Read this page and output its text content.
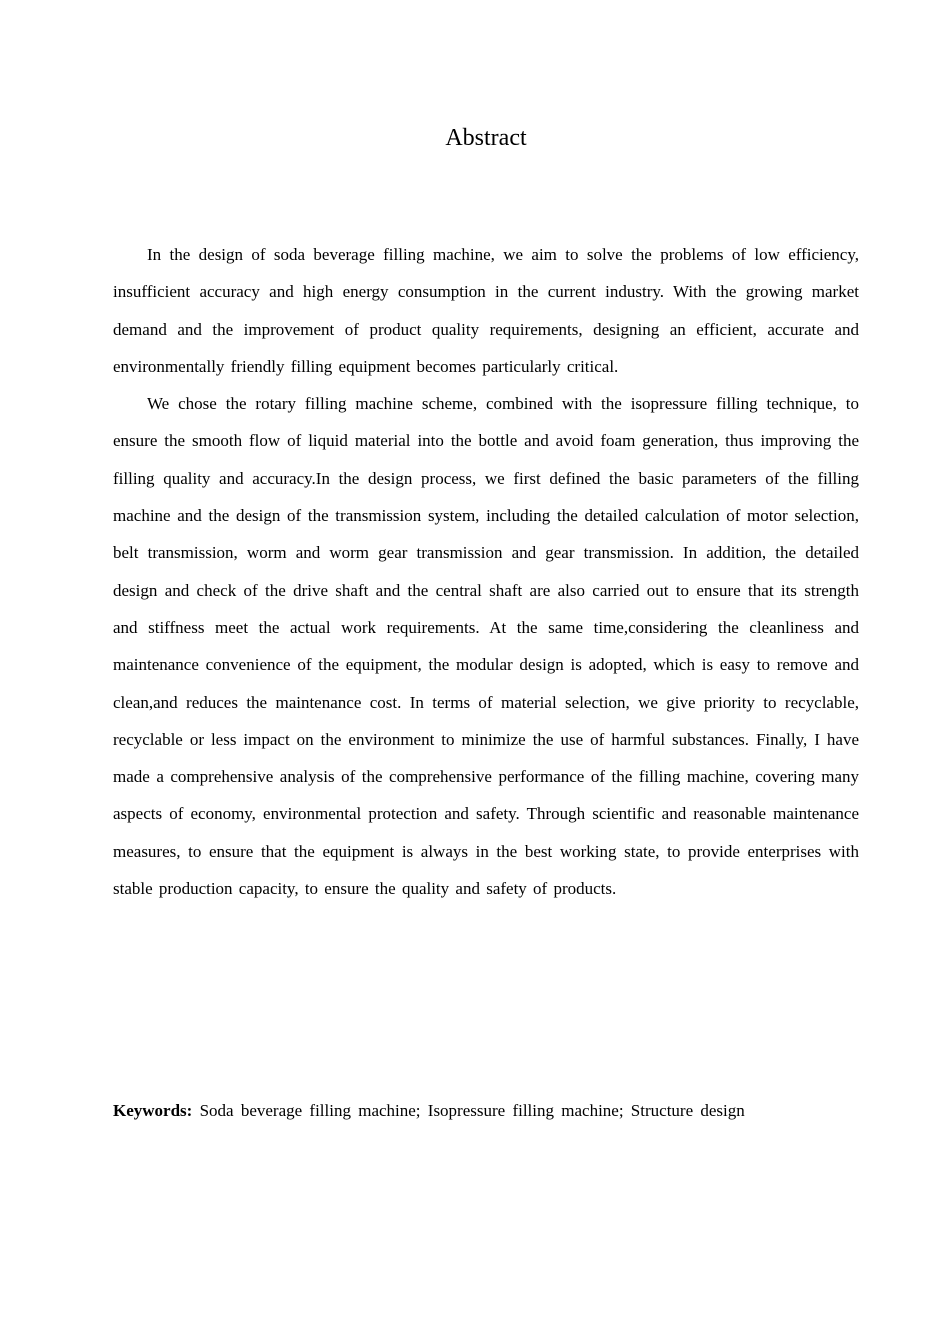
Abstract

In the design of soda beverage filling machine, we aim to solve the problems of low efficiency, insufficient accuracy and high energy consumption in the current industry. With the growing market demand and the improvement of product quality requirements, designing an efficient, accurate and environmentally friendly filling equipment becomes particularly critical.

We chose the rotary filling machine scheme, combined with the isopressure filling technique, to ensure the smooth flow of liquid material into the bottle and avoid foam generation, thus improving the filling quality and accuracy.In the design process, we first defined the basic parameters of the filling machine and the design of the transmission system, including the detailed calculation of motor selection, belt transmission, worm and worm gear transmission and gear transmission. In addition, the detailed design and check of the drive shaft and the central shaft are also carried out to ensure that its strength and stiffness meet the actual work requirements. At the same time,considering the cleanliness and maintenance convenience of the equipment, the modular design is adopted, which is easy to remove and clean,and reduces the maintenance cost. In terms of material selection, we give priority to recyclable, recyclable or less impact on the environment to minimize the use of harmful substances. Finally, I have made a comprehensive analysis of the comprehensive performance of the filling machine, covering many aspects of economy, environmental protection and safety. Through scientific and reasonable maintenance measures, to ensure that the equipment is always in the best working state, to provide enterprises with stable production capacity, to ensure the quality and safety of products.

Keywords: Soda beverage filling machine; Isopressure filling machine; Structure design
